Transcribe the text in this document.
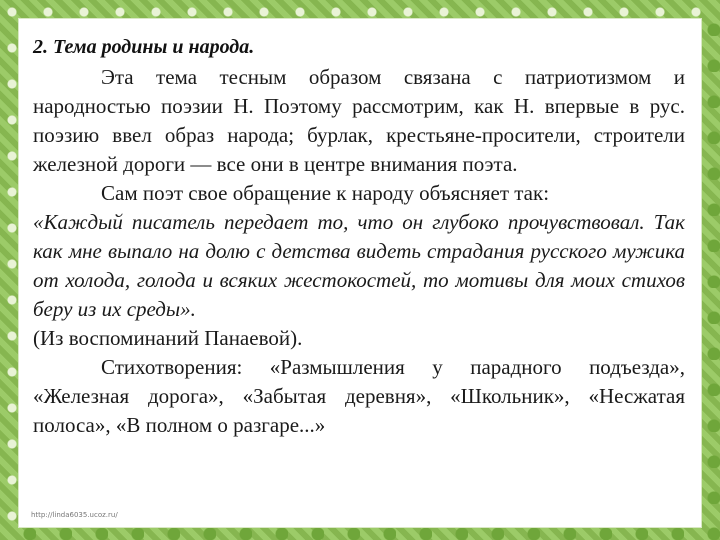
2. Тема родины и народа.

Эта тема тесным образом связана с патриотизмом и народностью поэзии Н. Поэтому рассмотрим, как Н. впервые в рус. поэзию ввел образ народа; бурлак, крестьяне-просители, строители железной дороги — все они в центре внимания поэта.

Сам поэт свое обращение к народу объясняет так:

«Каждый писатель передает то, что он глубоко прочувствовал. Так как мне выпало на долю с детства видеть страдания русского мужика от холода, голода и всяких жестокостей, то мотивы для моих стихов беру из их среды».

(Из воспоминаний Панаевой).

Стихотворения: «Размышления у парадного подъезда», «Железная дорога», «Забытая деревня», «Школьник», «Несжатая полоса», «В полном о разгаре...»

http://linda6035.ucoz.ru/
